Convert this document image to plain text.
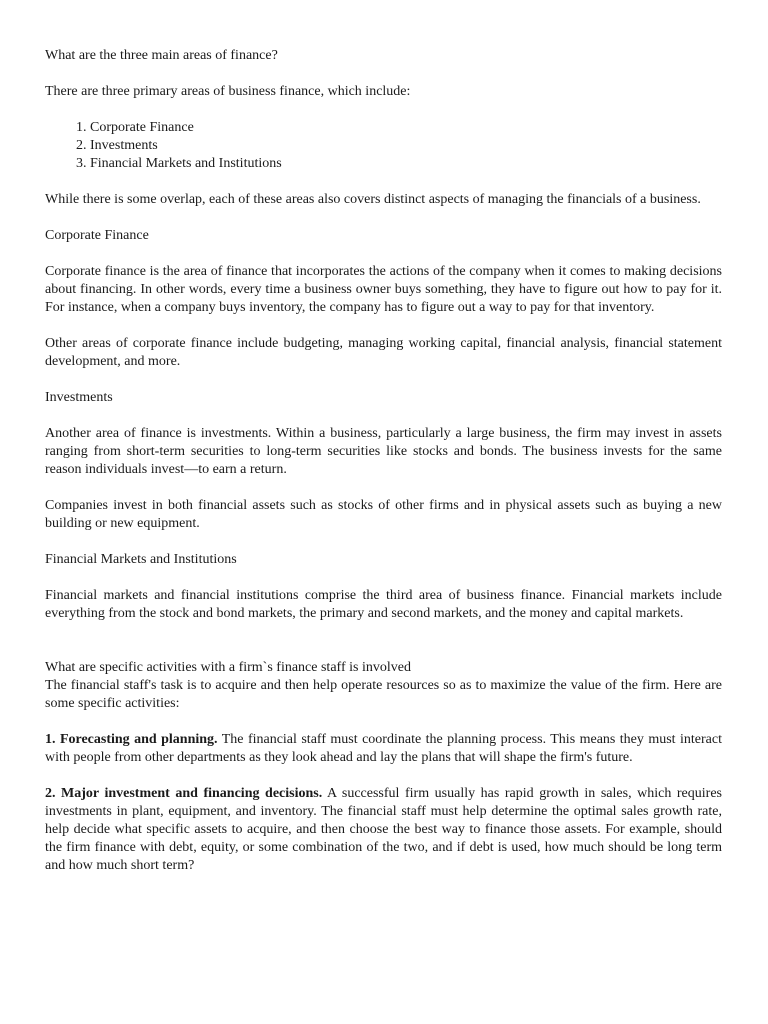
What are the three main areas of finance?

There are three primary areas of business finance, which include:

1. Corporate Finance
2. Investments
3. Financial Markets and Institutions

While there is some overlap, each of these areas also covers distinct aspects of managing the financials of a business.

Corporate Finance

Corporate finance is the area of finance that incorporates the actions of the company when it comes to making decisions about financing. In other words, every time a business owner buys something, they have to figure out how to pay for it. For instance, when a company buys inventory, the company has to figure out a way to pay for that inventory.

Other areas of corporate finance include budgeting, managing working capital, financial analysis, financial statement development, and more.

Investments

Another area of finance is investments. Within a business, particularly a large business, the firm may invest in assets ranging from short-term securities to long-term securities like stocks and bonds. The business invests for the same reason individuals invest—to earn a return.

Companies invest in both financial assets such as stocks of other firms and in physical assets such as buying a new building or new equipment.

Financial Markets and Institutions

Financial markets and financial institutions comprise the third area of business finance. Financial markets include everything from the stock and bond markets, the primary and second markets, and the money and capital markets.

What are specific activities with a firm`s finance staff is involved

The financial staff's task is to acquire and then help operate resources so as to maximize the value of the firm. Here are some specific activities:

1. Forecasting and planning. The financial staff must coordinate the planning process. This means they must interact with people from other departments as they look ahead and lay the plans that will shape the firm's future.

2. Major investment and financing decisions. A successful firm usually has rapid growth in sales, which requires investments in plant, equipment, and inventory. The financial staff must help determine the optimal sales growth rate, help decide what specific assets to acquire, and then choose the best way to finance those assets. For example, should the firm finance with debt, equity, or some combination of the two, and if debt is used, how much should be long term and how much short term?
